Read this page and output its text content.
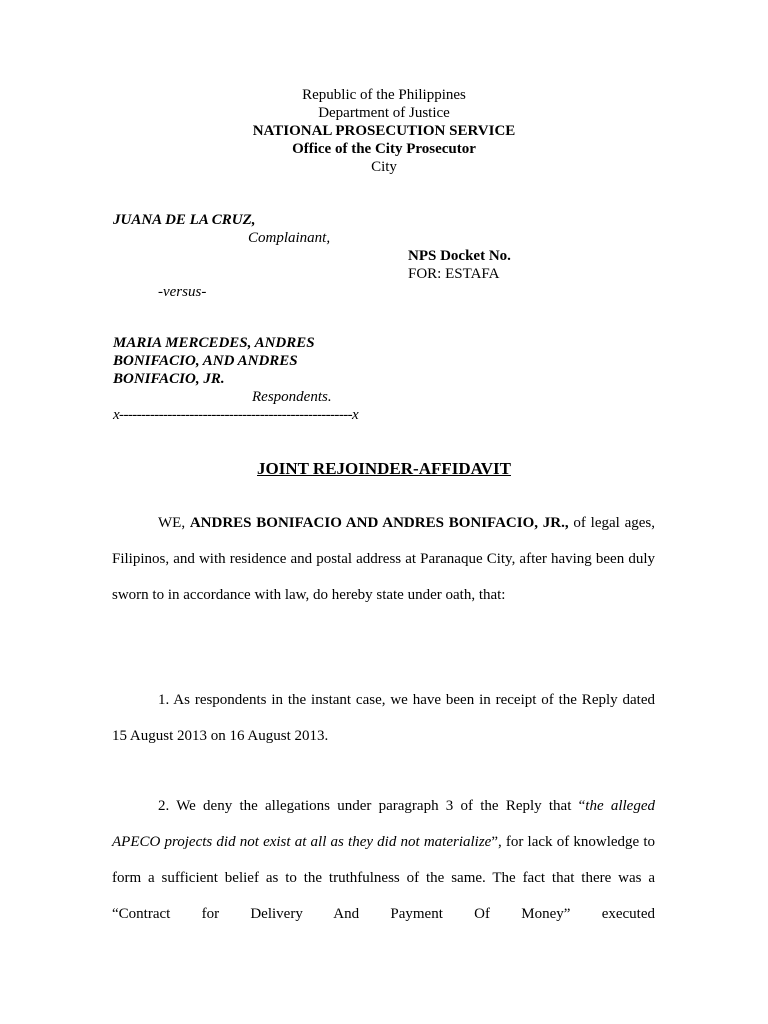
Republic of the Philippines
Department of Justice
NATIONAL PROSECUTION SERVICE
Office of the City Prosecutor
City
JUANA DE LA CRUZ,
Complainant,
NPS Docket No.
FOR: ESTAFA
-versus-
MARIA MERCEDES, ANDRES
BONIFACIO, AND ANDRES
BONIFACIO, JR.
Respondents.
x-----------------------------------------------------x
JOINT REJOINDER-AFFIDAVIT

WE, ANDRES BONIFACIO AND ANDRES BONIFACIO, JR., of legal ages, Filipinos, and with residence and postal address at Paranaque City, after having been duly sworn to in accordance with law, do hereby state under oath, that:

1. As respondents in the instant case, we have been in receipt of the Reply dated 15 August 2013 on 16 August 2013.

2. We deny the allegations under paragraph 3 of the Reply that “the alleged APECO projects did not exist at all as they did not materialize”, for lack of knowledge to form a sufficient belief as to the truthfulness of the same. The fact that there was a “Contract for Delivery And Payment Of Money” executed
